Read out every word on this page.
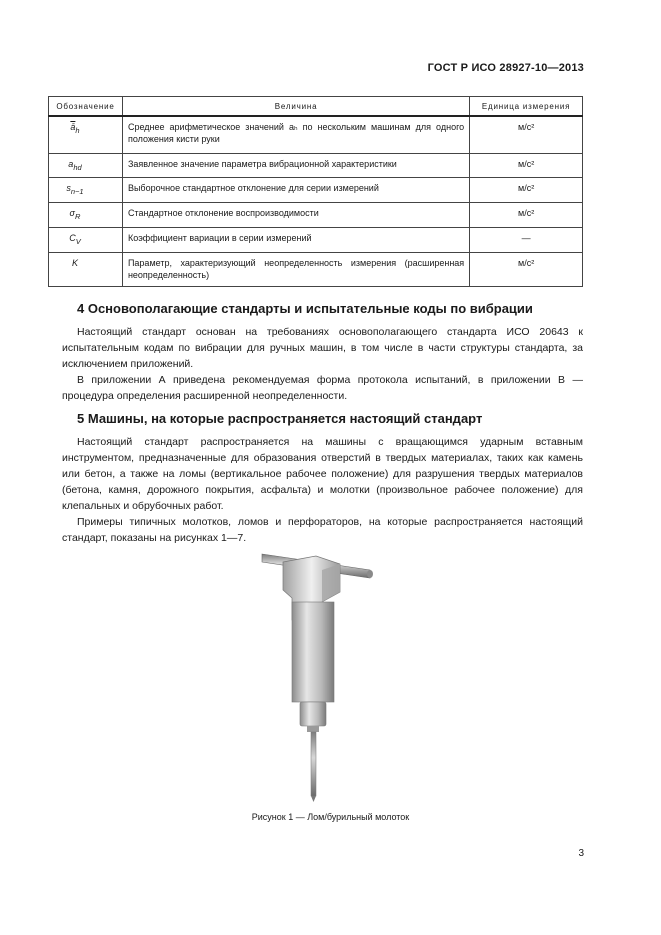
ГОСТ Р ИСО 28927-10—2013
Обозначение	Величина	Единица измерения
$\overline{ā}_h$	Среднее арифметическое значений aₕ по нескольким машинам для одного положения кисти руки	м/с²
$a_{hd}$	Заявленное значение параметра вибрационной характеристики	м/с²
$s_{n-1}$	Выборочное стандартное отклонение для серии измерений	м/с²
$\sigma_R$	Стандартное отклонение воспроизводимости	м/с²
$C_V$	Коэффициент вариации в серии измерений	—
K	Параметр, характеризующий неопределенность измерения (расширенная неопределенность)	м/с²
4 Основополагающие стандарты и испытательные коды по вибрации
Настоящий стандарт основан на требованиях основополагающего стандарта ИСО 20643 к испытательным кодам по вибрации для ручных машин, в том числе в части структуры стандарта, за исключением приложений.
В приложении А приведена рекомендуемая форма протокола испытаний, в приложении В — процедура определения расширенной неопределенности.
5 Машины, на которые распространяется настоящий стандарт
Настоящий стандарт распространяется на машины с вращающимся ударным вставным инструментом, предназначенные для образования отверстий в твердых материалах, таких как камень или бетон, а также на ломы (вертикальное рабочее положение) для разрушения твердых материалов (бетона, камня, дорожного покрытия, асфальта) и молотки (произвольное рабочее положение) для клепальных и обрубочных работ.
Примеры типичных молотков, ломов и перфораторов, на которые распространяется настоящий стандарт, показаны на рисунках 1—7.
Рисунок 1 — Лом/бурильный молоток
3
